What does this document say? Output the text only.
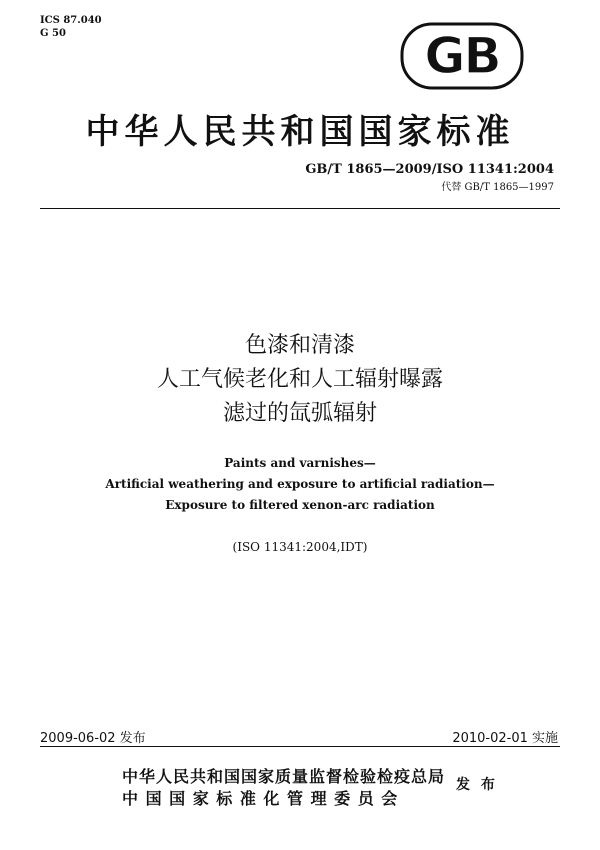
ICS 87.040
G 50	GB
中华人民共和国国家标准
GB/T 1865—2009/ISO 11341:2004
代替 GB/T 1865—1997
色漆和清漆
人工气候老化和人工辐射曝露
滤过的氙弧辐射
Paints and varnishes—
Artificial weathering and exposure to artificial radiation—
Exposure to filtered xenon-arc radiation
(ISO 11341:2004,IDT)
2009-06-02 发布	2010-02-01 实施
中华人民共和国国家质量监督检验检疫总局
中 国 国 家 标 准 化 管 理 委 员 会
发 布
